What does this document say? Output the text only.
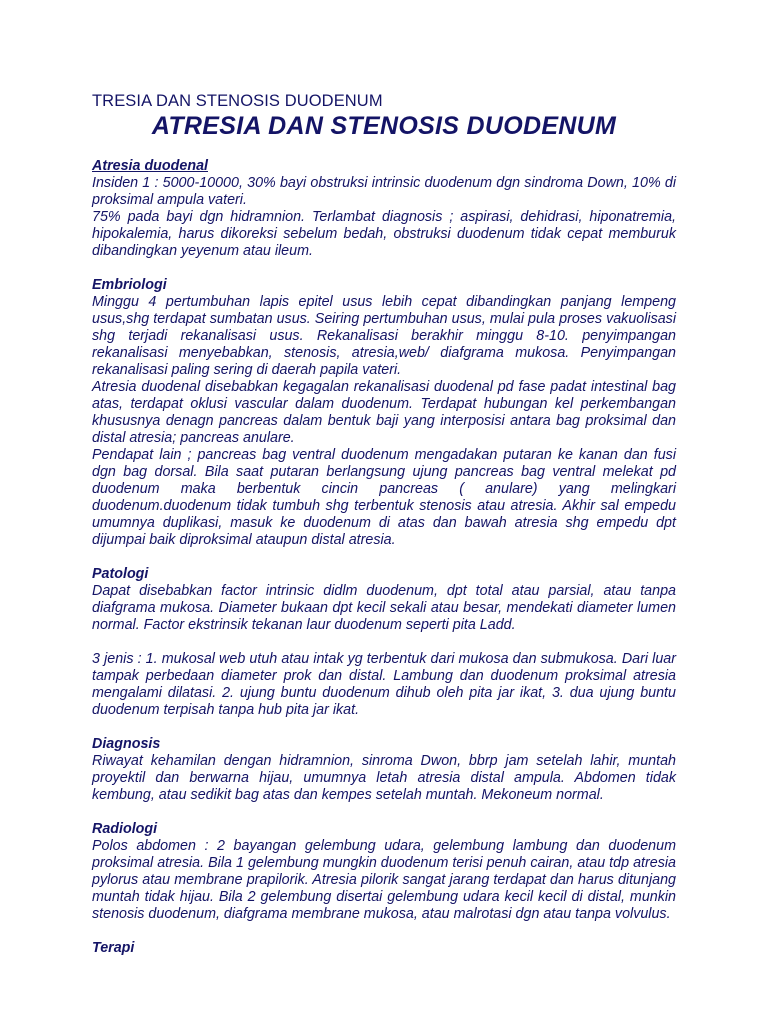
TRESIA DAN STENOSIS DUODENUM
ATRESIA DAN STENOSIS DUODENUM

Atresia duodenal

Insiden 1 : 5000-10000, 30% bayi obstruksi intrinsic duodenum dgn sindroma Down, 10% di proksimal ampula vateri.

75% pada bayi dgn hidramnion. Terlambat diagnosis ; aspirasi, dehidrasi, hiponatremia, hipokalemia, harus dikoreksi sebelum bedah, obstruksi duodenum tidak cepat memburuk dibandingkan yeyenum atau ileum.

Embriologi

Minggu 4 pertumbuhan lapis epitel usus lebih cepat dibandingkan panjang lempeng usus,shg terdapat sumbatan usus. Seiring pertumbuhan usus, mulai pula proses vakuolisasi shg terjadi rekanalisasi usus. Rekanalisasi berakhir minggu 8-10. penyimpangan rekanalisasi menyebabkan, stenosis, atresia,web/ diafgrama mukosa. Penyimpangan rekanalisasi paling sering di daerah papila vateri.

Atresia duodenal disebabkan kegagalan rekanalisasi duodenal pd fase padat intestinal bag atas, terdapat oklusi vascular dalam duodenum. Terdapat hubungan kel perkembangan khususnya denagn pancreas dalam bentuk baji yang interposisi antara bag proksimal dan distal atresia; pancreas anulare.

Pendapat lain ; pancreas bag ventral duodenum mengadakan putaran ke kanan dan fusi dgn bag dorsal. Bila saat putaran berlangsung ujung pancreas bag ventral melekat pd duodenum maka berbentuk cincin pancreas ( anulare) yang melingkari duodenum.duodenum tidak tumbuh shg terbentuk stenosis atau atresia. Akhir sal empedu umumnya duplikasi, masuk ke duodenum di atas dan bawah atresia shg empedu dpt dijumpai baik diproksimal ataupun distal atresia.

Patologi

Dapat disebabkan factor intrinsic didlm duodenum, dpt total atau parsial, atau tanpa diafgrama mukosa. Diameter bukaan dpt kecil sekali atau besar, mendekati diameter lumen normal. Factor ekstrinsik tekanan laur duodenum seperti pita Ladd.

3 jenis : 1. mukosal web utuh atau intak yg terbentuk dari mukosa dan submukosa. Dari luar tampak perbedaan diameter prok dan distal. Lambung dan duodenum proksimal atresia mengalami dilatasi. 2. ujung buntu duodenum dihub oleh pita jar ikat, 3. dua ujung buntu duodenum terpisah tanpa hub pita jar ikat.

Diagnosis

Riwayat kehamilan dengan hidramnion, sinroma Dwon, bbrp jam setelah lahir, muntah proyektil dan berwarna hijau, umumnya letah atresia distal ampula. Abdomen tidak kembung, atau sedikit bag atas dan kempes setelah muntah. Mekoneum normal.

Radiologi

Polos abdomen : 2 bayangan gelembung udara, gelembung lambung dan duodenum proksimal atresia. Bila 1 gelembung mungkin duodenum terisi penuh cairan, atau tdp atresia pylorus atau membrane prapilorik. Atresia pilorik sangat jarang terdapat dan harus ditunjang muntah tidak hijau. Bila 2 gelembung disertai gelembung udara kecil kecil di distal, munkin stenosis duodenum, diafgrama membrane mukosa, atau malrotasi dgn atau tanpa volvulus.

Terapi
